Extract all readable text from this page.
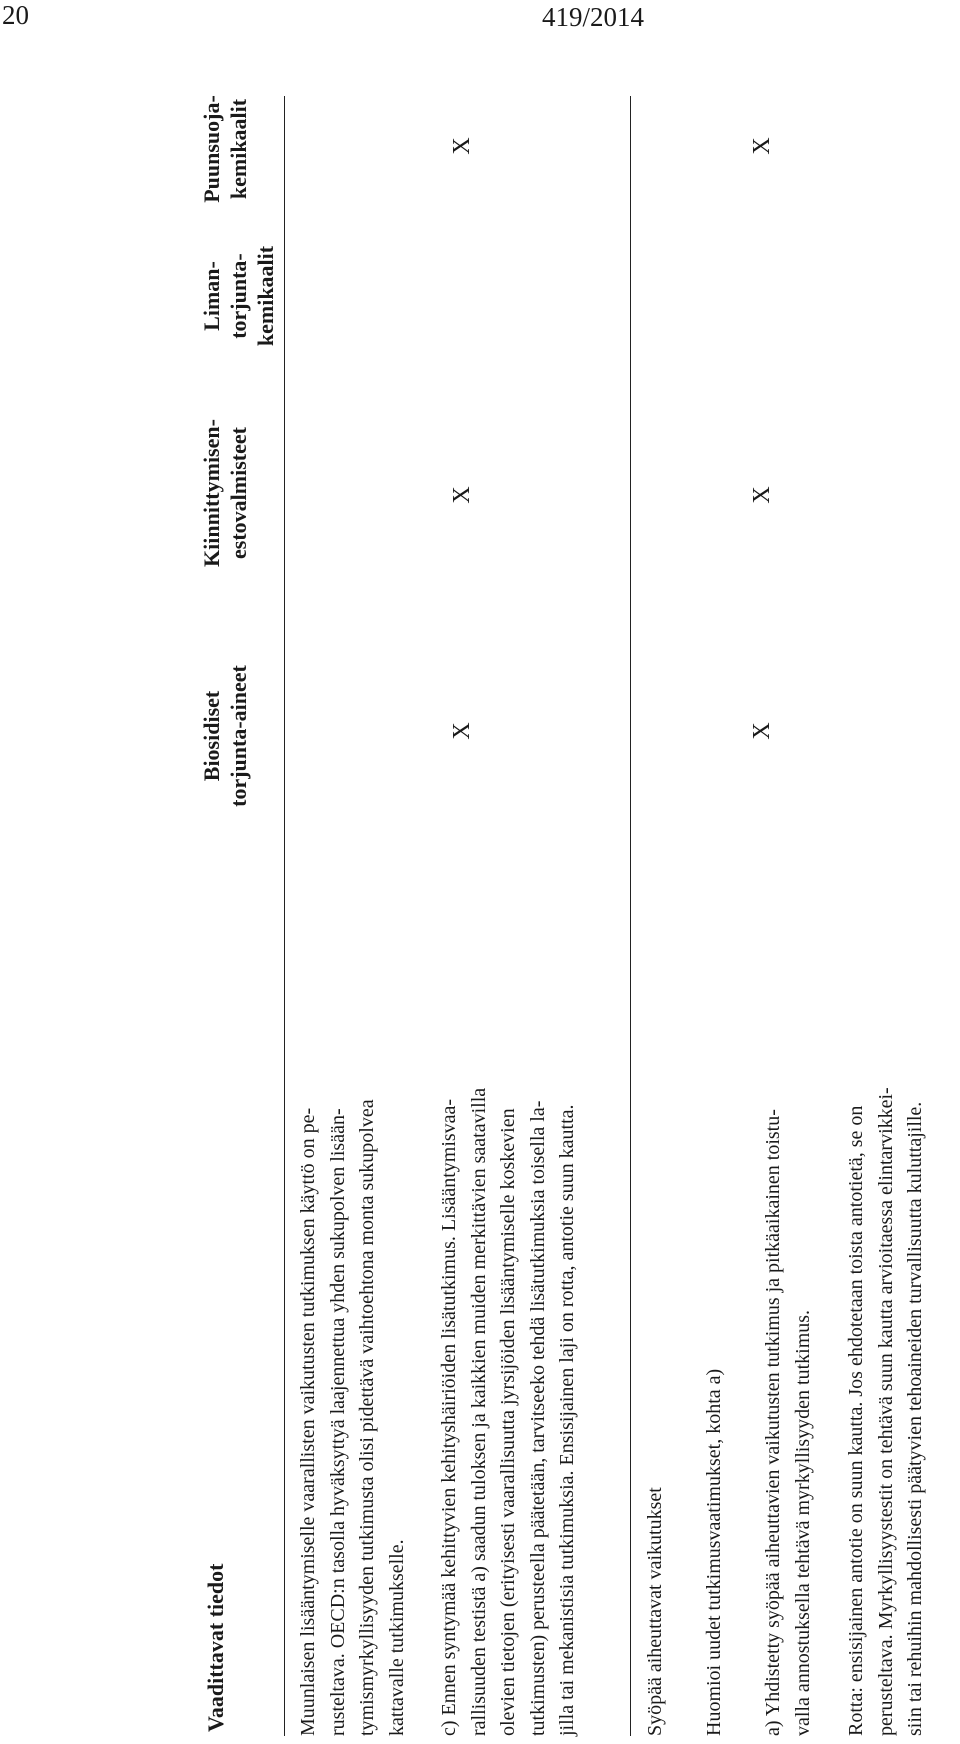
20	419/2014
Vaadittavat tiedot
Biosidiset
torjunta-aineet
Kiinnittymisen-
estovalmisteet
Liman-
torjunta-
kemikaalit
Puunsuoja-
kemikaalit
Muunlaisen lisääntymiselle vaarallisten vaikutusten tutkimuksen käyttö on pe- rusteltava. OECD:n tasolla hyväksyttyä laajennettua yhden sukupolven lisään- tymismyrkyllisyyden tutkimusta olisi pidettävä vaihtoehtona monta sukupolvea kattavalle tutkimukselle. c) Ennen syntymää kehittyvien kehityshäiriöiden lisätutkimus. Lisääntymisvaa- rallisuuden testistä a) saadun tuloksen ja kaikkien muiden merkittävien saatavilla olevien tietojen (erityisesti vaarallisuutta jyrsijöiden lisääntymiselle koskevien tutkimusten) perusteella päätetään, tarvitseeko tehdä lisätutkimuksia toisella la- jilla tai mekanistisia tutkimuksia. Ensisijainen laji on rotta, antotie suun kautta.
X
X
X
Syöpää aiheuttavat vaikutukset Huomioi uudet tutkimusvaatimukset, kohta a) a) Yhdistetty syöpää aiheuttavien vaikutusten tutkimus ja pitkäaikainen toistu- valla annostuksella tehtävä myrkyllisyyden tutkimus.
X
X
X
Rotta: ensisijainen antotie on suun kautta. Jos ehdotetaan toista antotietä, se on perusteltava. Myrkyllisyystestit on tehtävä suun kautta arvioitaessa elintarvikkei- siin tai rehuihin mahdollisesti päätyvien tehoaineiden turvallisuutta kuluttajille.
